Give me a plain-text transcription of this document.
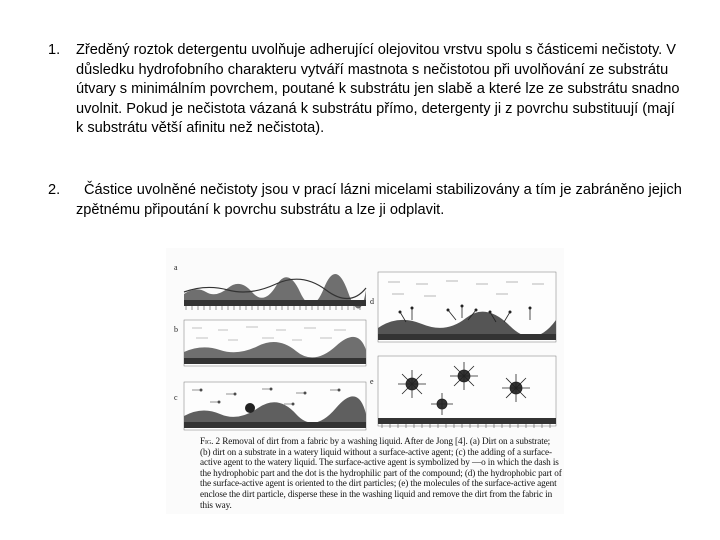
1. Zředěný roztok detergentu uvolňuje adherující olejovitou vrstvu spolu s částicemi nečistoty. V důsledku hydrofobního charakteru vytváří mastnota s nečistotou při uvolňování ze substrátu útvary s minimálním povrchem, poutané k substrátu jen slabě a které lze ze substrátu snadno uvolnit. Pokud je nečistota vázaná k substrátu přímo, detergenty ji z povrchu substituují (mají k substrátu větší afinitu než nečistota).
2.	Částice uvolněné nečistoty jsou v prací lázni micelami stabilizovány a tím je zabráněno jejich zpětnému připoutání k povrchu substrátu a lze ji odplavit.
a
b
c
d
e
Fig. 2 Removal of dirt from a fabric by a washing liquid. After de Jong [4]. (a) Dirt on a substrate; (b) dirt on a substrate in a watery liquid without a surface-active agent; (c) the adding of a surface-active agent to the watery liquid. The surface-active agent is symbolized by —o in which the dash is the hydrophobic part and the dot is the hydrophilic part of the compound; (d) the hydrophobic part of the surface-active agent is oriented to the dirt particles; (e) the molecules of the surface-active agent enclose the dirt particle, disperse these in the washing liquid and remove the dirt from the fabric in this way.
